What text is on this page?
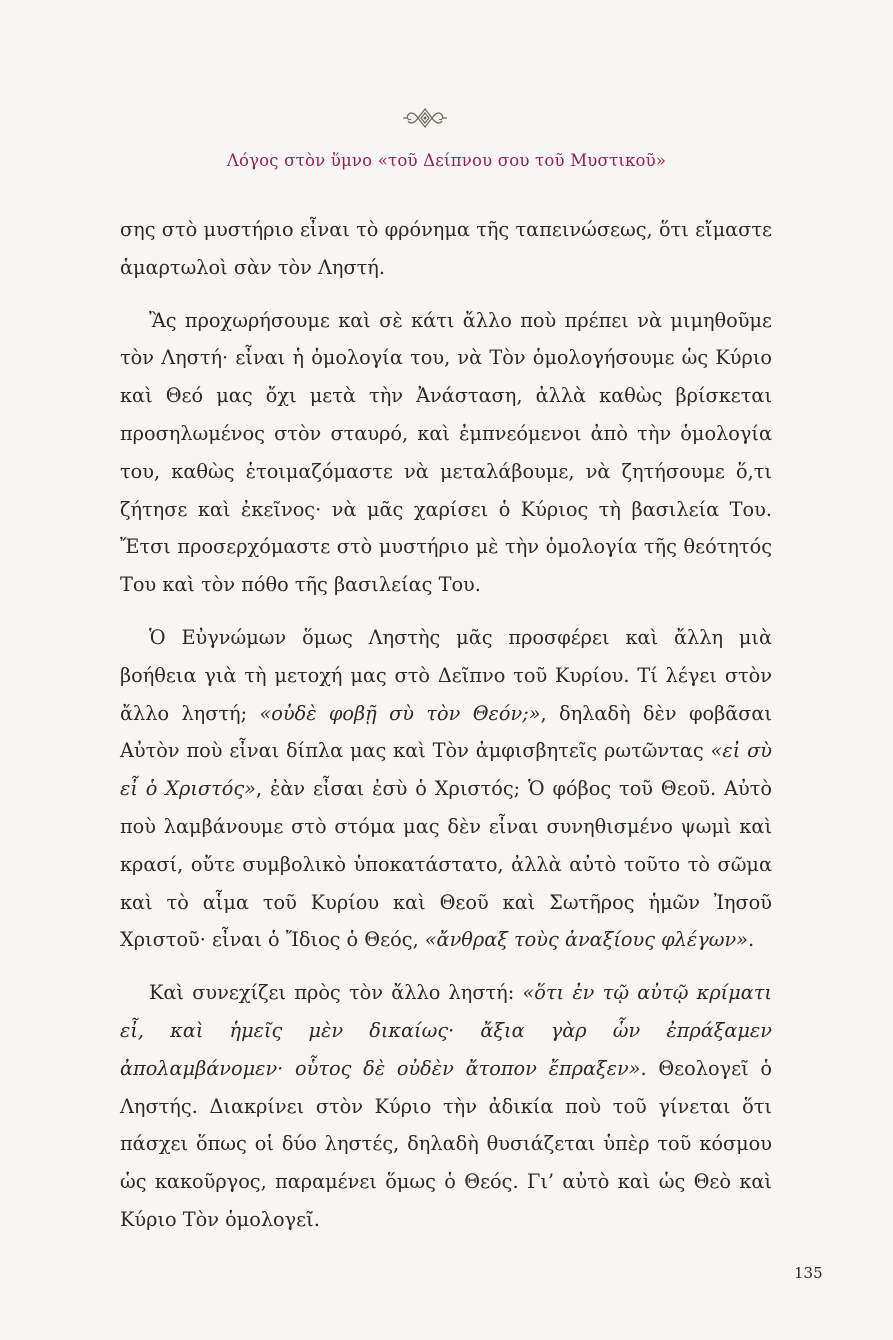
Λόγος στὸν ὕμνο «τοῦ Δείπνου σου τοῦ Μυστικοῦ»

σης στὸ μυστήριο εἶναι τὸ φρόνημα τῆς ταπεινώσεως, ὅτι εἴμαστε ἁμαρτωλοὶ σὰν τὸν Ληστή.

Ἂς προχωρήσουμε καὶ σὲ κάτι ἄλλο ποὺ πρέπει νὰ μιμηθοῦμε τὸν Ληστή· εἶναι ἡ ὁμολογία του, νὰ Τὸν ὁμολογήσουμε ὡς Κύριο καὶ Θεό μας ὄχι μετὰ τὴν Ἀνάσταση, ἀλλὰ καθὼς βρίσκεται προσηλωμένος στὸν σταυρό, καὶ ἐμπνεόμενοι ἀπὸ τὴν ὁμολογία του, καθὼς ἑτοιμαζόμαστε νὰ μεταλάβουμε, νὰ ζητήσουμε ὅ,τι ζήτησε καὶ ἐκεῖνος· νὰ μᾶς χαρίσει ὁ Κύριος τὴ βασιλεία Του. Ἔτσι προσερχόμαστε στὸ μυστήριο μὲ τὴν ὁμολογία τῆς θεότητός Του καὶ τὸν πόθο τῆς βασιλείας Του.

Ὁ Εὐγνώμων ὅμως Ληστὴς μᾶς προσφέρει καὶ ἄλλη μιὰ βοήθεια γιὰ τὴ μετοχή μας στὸ Δεῖπνο τοῦ Κυρίου. Τί λέγει στὸν ἄλλο ληστή; «οὐδὲ φοβῇ σὺ τὸν Θεόν;», δηλαδὴ δὲν φοβᾶσαι Αὐτὸν ποὺ εἶναι δίπλα μας καὶ Τὸν ἀμφισβητεῖς ρωτῶντας «εἰ σὺ εἶ ὁ Χριστός», ἐὰν εἶσαι ἐσὺ ὁ Χριστός; Ὁ φόβος τοῦ Θεοῦ. Αὐτὸ ποὺ λαμβάνουμε στὸ στόμα μας δὲν εἶναι συνηθισμένο ψωμὶ καὶ κρασί, οὔτε συμβολικὸ ὑποκατάστατο, ἀλλὰ αὐτὸ τοῦτο τὸ σῶμα καὶ τὸ αἷμα τοῦ Κυρίου καὶ Θεοῦ καὶ Σωτῆρος ἡμῶν Ἰησοῦ Χριστοῦ· εἶναι ὁ Ἴδιος ὁ Θεός, «ἄνθραξ τοὺς ἀναξίους φλέγων».

Καὶ συνεχίζει πρὸς τὸν ἄλλο ληστή: «ὅτι ἐν τῷ αὐτῷ κρίματι εἶ, καὶ ἡμεῖς μὲν δικαίως· ἄξια γὰρ ὧν ἐπράξαμεν ἀπολαμβάνομεν· οὗτος δὲ οὐδὲν ἄτοπον ἔπραξεν». Θεολογεῖ ὁ Ληστής. Διακρίνει στὸν Κύριο τὴν ἀδικία ποὺ τοῦ γίνεται ὅτι πάσχει ὅπως οἱ δύο ληστές, δηλαδὴ θυσιάζεται ὑπὲρ τοῦ κόσμου ὡς κακοῦργος, παραμένει ὅμως ὁ Θεός. Γι’ αὐτὸ καὶ ὡς Θεὸ καὶ Κύριο Τὸν ὁμολογεῖ.

135
